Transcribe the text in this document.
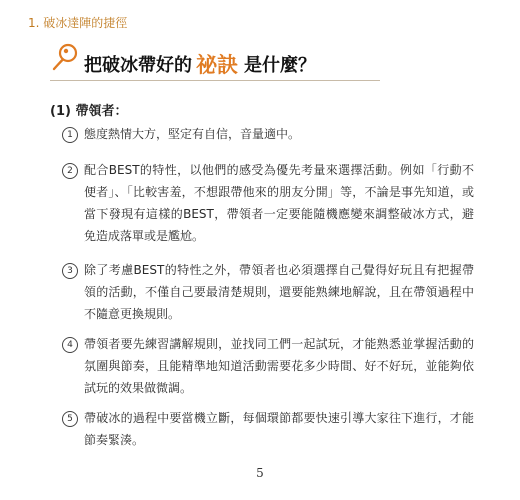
1. 破冰達陣的捷徑
把破冰帶好的 祕訣 是什麼？
(1) 帶領者：
1 態度熱情大方，堅定有自信，音量適中。
2 配合BEST的特性，以他們的感受為優先考量來選擇活動。例如「行動不便者」、「比較害羞，不想跟帶他來的朋友分開」等，不論是事先知道，或當下發現有這樣的BEST，帶領者一定要能隨機應變來調整破冰方式，避免造成落單或是尷尬。
3 除了考慮BEST的特性之外，帶領者也必須選擇自己覺得好玩且有把握帶領的活動，不僅自己要最清楚規則，還要能熟練地解說，且在帶領過程中不隨意更換規則。
4 帶領者要先練習講解規則，並找同工們一起試玩，才能熟悉並掌握活動的氛圍與節奏，且能精準地知道活動需要花多少時間、好不好玩，並能夠依試玩的效果做微調。
5 帶破冰的過程中要當機立斷，每個環節都要快速引導大家往下進行，才能節奏緊湊。
5
